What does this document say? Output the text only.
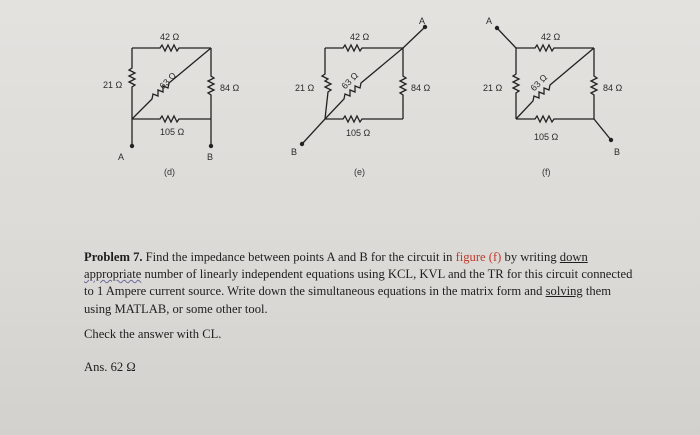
42 Ω
21 Ω	63 Ω	84 Ω
105 Ω
A	B
(d)
42 Ω
21 Ω	63 Ω	84 Ω
105 Ω
A
B
(e)
42 Ω
21 Ω	63 Ω	84 Ω
105 Ω
A
B
(f)
Problem 7. Find the impedance between points A and B for the circuit in figure (f) by writing down appropriate number of linearly independent equations using KCL, KVL and the TR for this circuit connected to 1 Ampere current source. Write down the simultaneous equations in the matrix form and solving them using MATLAB, or some other tool.
Check the answer with CL.
Ans. 62 Ω
